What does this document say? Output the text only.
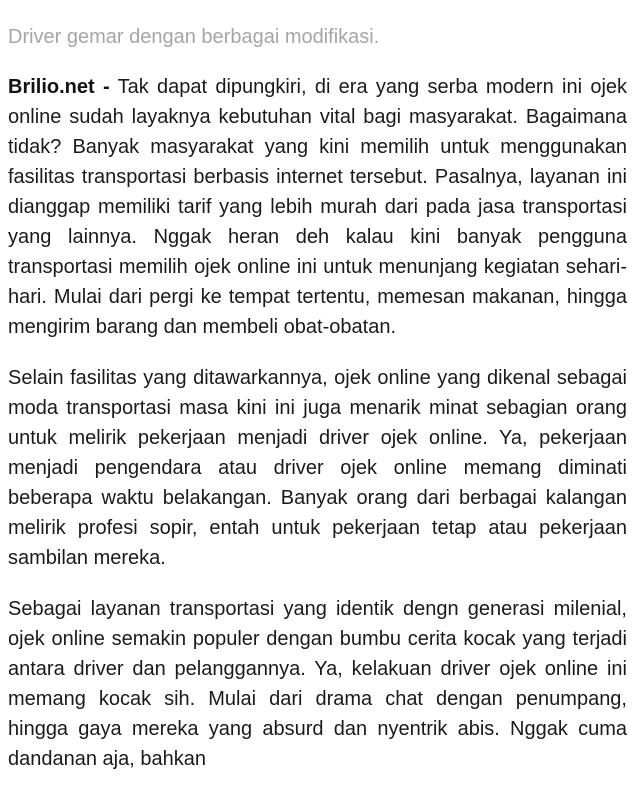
Driver gemar dengan berbagai modifikasi.

Brilio.net - Tak dapat dipungkiri, di era yang serba modern ini ojek online sudah layaknya kebutuhan vital bagi masyarakat. Bagaimana tidak? Banyak masyarakat yang kini memilih untuk menggunakan fasilitas transportasi berbasis internet tersebut. Pasalnya, layanan ini dianggap memiliki tarif yang lebih murah dari pada jasa transportasi yang lainnya. Nggak heran deh kalau kini banyak pengguna transportasi memilih ojek online ini untuk menunjang kegiatan sehari-hari. Mulai dari pergi ke tempat tertentu, memesan makanan, hingga mengirim barang dan membeli obat-obatan.

Selain fasilitas yang ditawarkannya, ojek online yang dikenal sebagai moda transportasi masa kini ini juga menarik minat sebagian orang untuk melirik pekerjaan menjadi driver ojek online. Ya, pekerjaan menjadi pengendara atau driver ojek online memang diminati beberapa waktu belakangan. Banyak orang dari berbagai kalangan melirik profesi sopir, entah untuk pekerjaan tetap atau pekerjaan sambilan mereka.

Sebagai layanan transportasi yang identik dengn generasi milenial, ojek online semakin populer dengan bumbu cerita kocak yang terjadi antara driver dan pelanggannya. Ya, kelakuan driver ojek online ini memang kocak sih. Mulai dari drama chat dengan penumpang, hingga gaya mereka yang absurd dan nyentrik abis. Nggak cuma dandanan aja, bahkan
